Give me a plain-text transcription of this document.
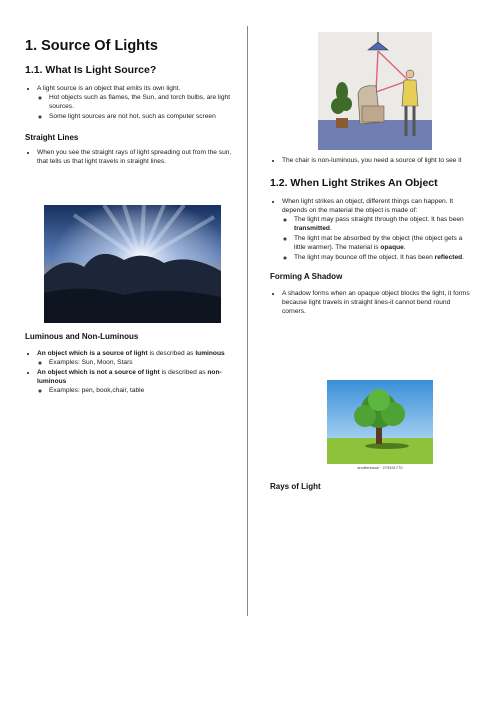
1. Source Of Lights
1.1. What Is Light Source?
• A light source is an object that emits its own light.
◦ Hot objects such as flames, the Sun, and torch bulbs, are light sources.
◦ Some light sources are not hot, such as computer screen
Straight Lines
• When you see the straight rays of light spreading out from the sun, that tells us that light travels in straight lines.
Luminous and Non-Luminous
• An object which is a source of light is described as luminous
◦ Examples: Sun, Moon, Stars
• An object which is not a source of light is described as non-luminous
◦ Examples: pen, book,chair, table
• The chair is non-luminous, you need a source of light to see it
1.2. When Light Strikes An Object
• When light strikes an object, different things can happen. It depends on the material the object is made of:
◦ The light may pass straight through the object. It has been transmitted.
◦ The light mat be absorbed by the object (the object gets a little warmer). The material is opaque.
◦ The light may bounce off the object. It has been reflected.
Forming A Shadow
• A shadow forms when an opaque object blocks the light, it forms because light travels in straight lines-it cannot bend round corners.
shutterstock · 279451770
Rays of Light
